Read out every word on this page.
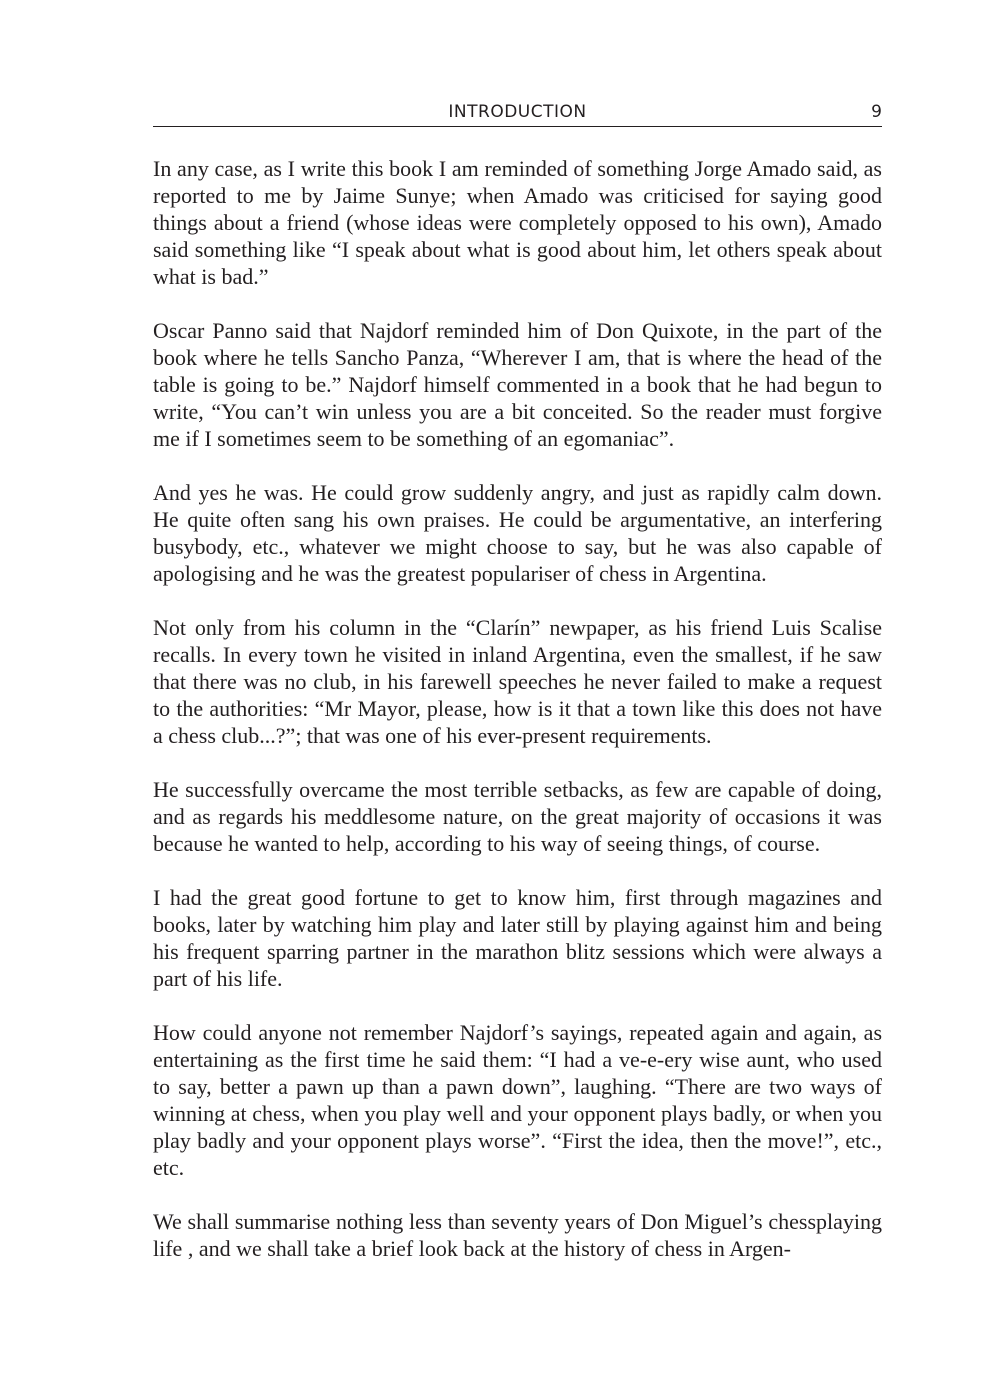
INTRODUCTION	9

In any case, as I write this book I am reminded of something Jorge Amado said, as reported to me by Jaime Sunye; when Amado was criticised for saying good things about a friend (whose ideas were completely opposed to his own), Amado said something like “I speak about what is good about him, let others speak about what is bad.”

Oscar Panno said that Najdorf reminded him of Don Quixote, in the part of the book where he tells Sancho Panza, “Wherever I am, that is where the head of the table is going to be.” Najdorf himself commented in a book that he had begun to write, “You can’t win unless you are a bit conceited. So the reader must forgive me if I sometimes seem to be something of an egomaniac”.

And yes he was. He could grow suddenly angry, and just as rapidly calm down. He quite often sang his own praises. He could be argumentative, an interfering busybody, etc., whatever we might choose to say, but he was also capable of apologising and he was the greatest populariser of chess in Argentina.

Not only from his column in the “Clarín” newpaper, as his friend Luis Scalise recalls. In every town he visited in inland Argentina, even the smallest, if he saw that there was no club, in his farewell speeches he never failed to make a request to the authorities: “Mr Mayor, please, how is it that a town like this does not have a chess club...?”; that was one of his ever-present requirements.

He successfully overcame the most terrible setbacks, as few are capable of doing, and as regards his meddlesome nature, on the great majority of occasions it was because he wanted to help, according to his way of seeing things, of course.

I had the great good fortune to get to know him, first through magazines and books, later by watching him play and later still by playing against him and being his frequent sparring partner in the marathon blitz sessions which were always a part of his life.

How could anyone not remember Najdorf’s sayings, repeated again and again, as entertaining as the first time he said them: “I had a ve-e-ery wise aunt, who used to say, better a pawn up than a pawn down”, laughing. “There are two ways of winning at chess, when you play well and your opponent plays badly, or when you play badly and your opponent plays worse”. “First the idea, then the move!”, etc., etc.

We shall summarise nothing less than seventy years of Don Miguel’s chessplaying life , and we shall take a brief look back at the history of chess in Argen-
